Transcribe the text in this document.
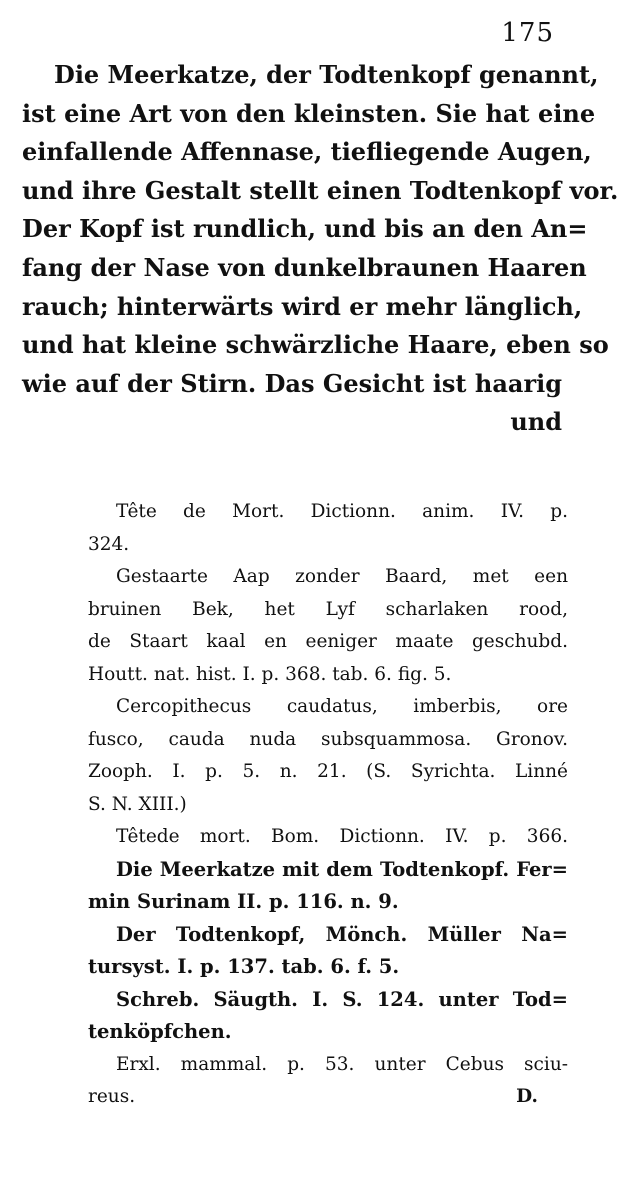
175
Die Meerkatze, der Todtenkopf genannt,
ist eine Art von den kleinsten. Sie hat eine
einfallende Affennase, tiefliegende Augen,
und ihre Gestalt stellt einen Todtenkopf vor.
Der Kopf ist rundlich, und bis an den An=
fang der Nase von dunkelbraunen Haaren
rauch; hinterwärts wird er mehr länglich,
und hat kleine schwärzliche Haare, eben so
wie auf der Stirn. Das Gesicht ist haarig
und
Tête de Mort. Dictionn. anim. IV. p.
324.
Gestaarte Aap zonder Baard, met een
bruinen Bek, het Lyf scharlaken rood,
de Staart kaal en eeniger maate geschubd.
Houtt. nat. hist. I. p. 368. tab. 6. fig. 5.
Cercopithecus caudatus, imberbis, ore
fusco, cauda nuda subsquammosa. Gronov.
Zooph. I. p. 5. n. 21. (S. Syrichta. Linné
S. N. XIII.)
Têtede mort. Bom. Dictionn. IV. p. 366.
Die Meerkatze mit dem Todtenkopf. Fer=
min Surinam II. p. 116. n. 9.
Der Todtenkopf, Mönch. Müller Na=
tursyst. I. p. 137. tab. 6. f. 5.
Schreb. Säugth. I. S. 124. unter Tod=
tenköpfchen.
Erxl. mammal. p. 53. unter Cebus sciu-
reus.	D.
